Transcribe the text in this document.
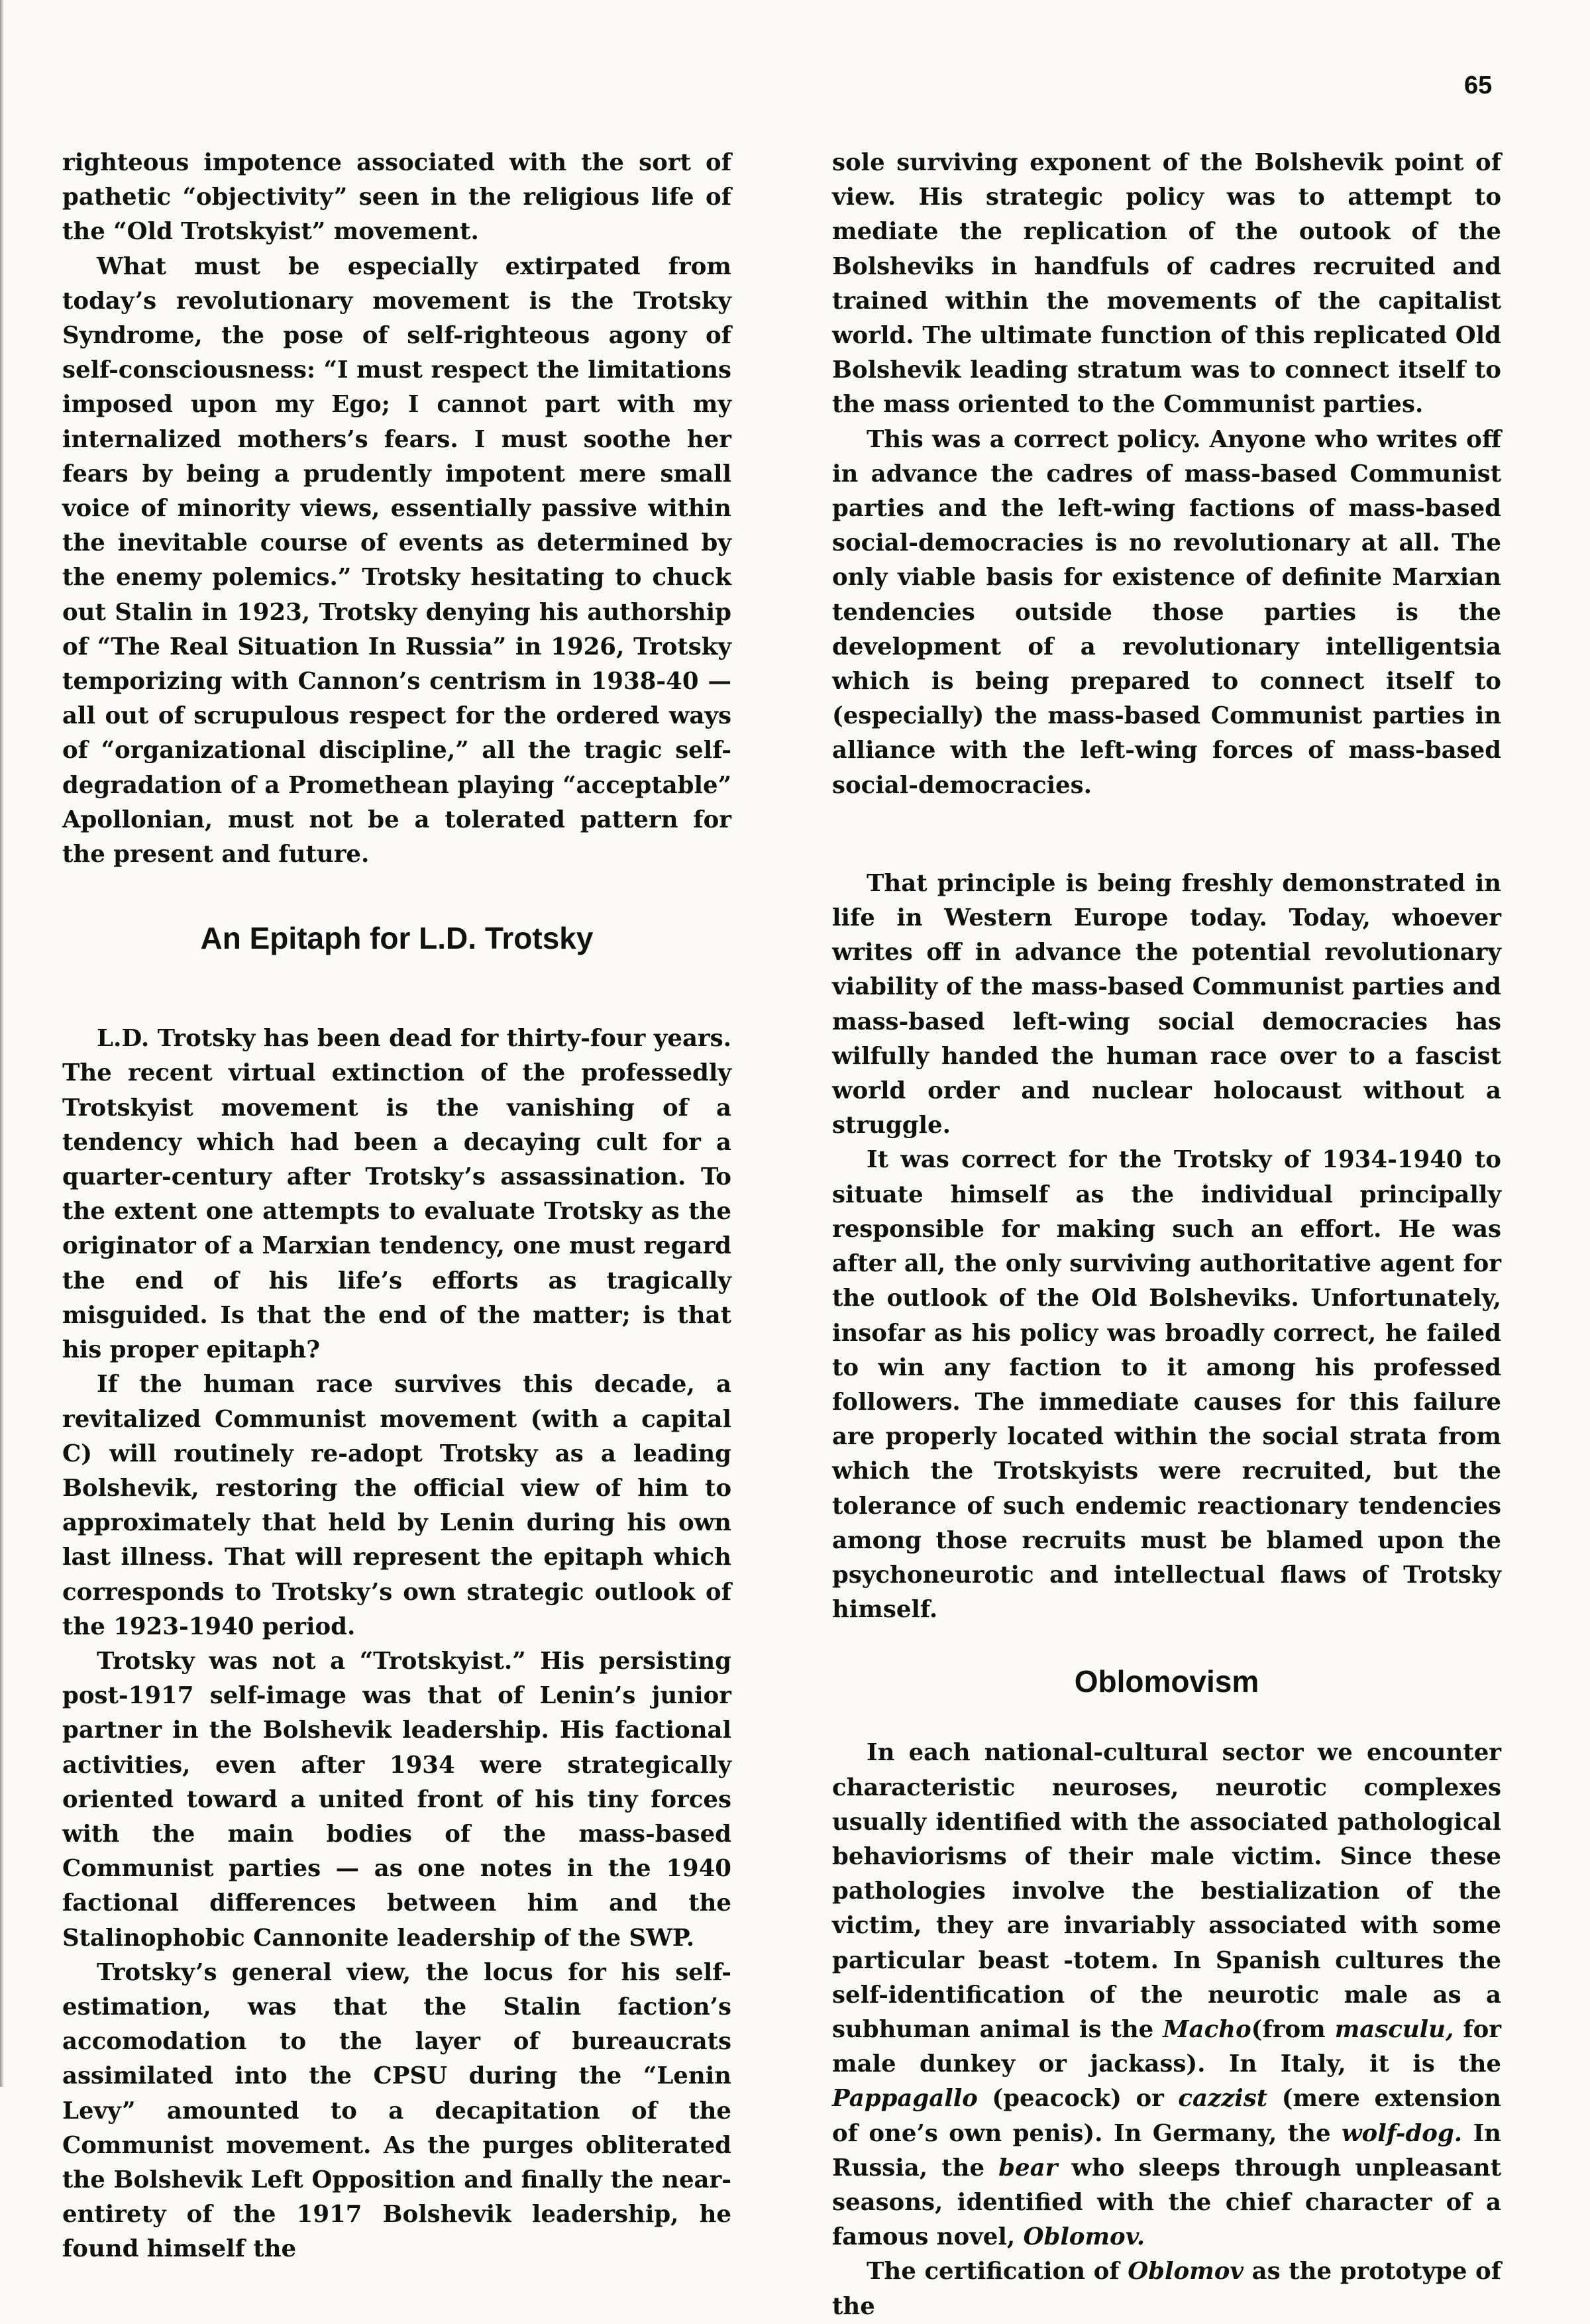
65

righteous impotence associated with the sort of pathetic “objectivity” seen in the religious life of the “Old Trotskyist” movement.

What must be especially extirpated from today’s revolutionary movement is the Trotsky Syndrome, the pose of self-righteous agony of self-consciousness: “I must respect the limitations imposed upon my Ego; I cannot part with my internalized mothers’s fears. I must soothe her fears by being a prudently impotent mere small voice of minority views, essentially passive within the inevitable course of events as determined by the enemy polemics.” Trotsky hesitating to chuck out Stalin in 1923, Trotsky denying his authorship of “The Real Situation In Russia” in 1926, Trotsky temporizing with Cannon’s centrism in 1938-40 — all out of scrupulous respect for the ordered ways of “organizational discipline,” all the tragic self-degradation of a Promethean playing “acceptable” Apollonian, must not be a tolerated pattern for the present and future.

An Epitaph for L.D. Trotsky

L.D. Trotsky has been dead for thirty-four years. The recent virtual extinction of the professedly Trotskyist movement is the vanishing of a tendency which had been a decaying cult for a quarter-century after Trotsky’s assassination. To the extent one attempts to evaluate Trotsky as the originator of a Marxian tendency, one must regard the end of his life’s efforts as tragically misguided. Is that the end of the matter; is that his proper epitaph?

If the human race survives this decade, a revitalized Communist movement (with a capital C) will routinely re-adopt Trotsky as a leading Bolshevik, restoring the official view of him to approximately that held by Lenin during his own last illness. That will represent the epitaph which corresponds to Trotsky’s own strategic outlook of the 1923-1940 period.

Trotsky was not a “Trotskyist.” His persisting post-1917 self-image was that of Lenin’s junior partner in the Bolshevik leadership. His factional activities, even after 1934 were strategically oriented toward a united front of his tiny forces with the main bodies of the mass-based Communist parties — as one notes in the 1940 factional differences between him and the Stalinophobic Cannonite leadership of the SWP.

Trotsky’s general view, the locus for his self-estimation, was that the Stalin faction’s accomodation to the layer of bureaucrats assimilated into the CPSU during the “Lenin Levy” amounted to a decapitation of the Communist movement. As the purges obliterated the Bolshevik Left Opposition and finally the near-entirety of the 1917 Bolshevik leadership, he found himself the

sole surviving exponent of the Bolshevik point of view. His strategic policy was to attempt to mediate the replication of the outook of the Bolsheviks in handfuls of cadres recruited and trained within the movements of the capitalist world. The ultimate function of this replicated Old Bolshevik leading stratum was to connect itself to the mass oriented to the Communist parties.

This was a correct policy. Anyone who writes off in advance the cadres of mass-based Communist parties and the left-wing factions of mass-based social-democracies is no revolutionary at all. The only viable basis for existence of definite Marxian tendencies outside those parties is the development of a revolutionary intelligentsia which is being prepared to connect itself to (especially) the mass-based Communist parties in alliance with the left-wing forces of mass-based social-democracies.

That principle is being freshly demonstrated in life in Western Europe today. Today, whoever writes off in advance the potential revolutionary viability of the mass-based Communist parties and mass-based left-wing social democracies has wilfully handed the human race over to a fascist world order and nuclear holocaust without a struggle.

It was correct for the Trotsky of 1934-1940 to situate himself as the individual principally responsible for making such an effort. He was after all, the only surviving authoritative agent for the outlook of the Old Bolsheviks. Unfortunately, insofar as his policy was broadly correct, he failed to win any faction to it among his professed followers. The immediate causes for this failure are properly located within the social strata from which the Trotskyists were recruited, but the tolerance of such endemic reactionary tendencies among those recruits must be blamed upon the psychoneurotic and intellectual flaws of Trotsky himself.

Oblomovism

In each national-cultural sector we encounter characteristic neuroses, neurotic complexes usually identified with the associated pathological behaviorisms of their male victim. Since these pathologies involve the bestialization of the victim, they are invariably associated with some particular beast -totem. In Spanish cultures the self-identification of the neurotic male as a subhuman animal is the Macho(from masculu, for male dunkey or jackass). In Italy, it is the Pappagallo (peacock) or cazzist (mere extension of one’s own penis). In Germany, the wolf-dog. In Russia, the bear who sleeps through unpleasant seasons, identified with the chief character of a famous novel, Oblomov.

The certification of Oblomov as the prototype of the
